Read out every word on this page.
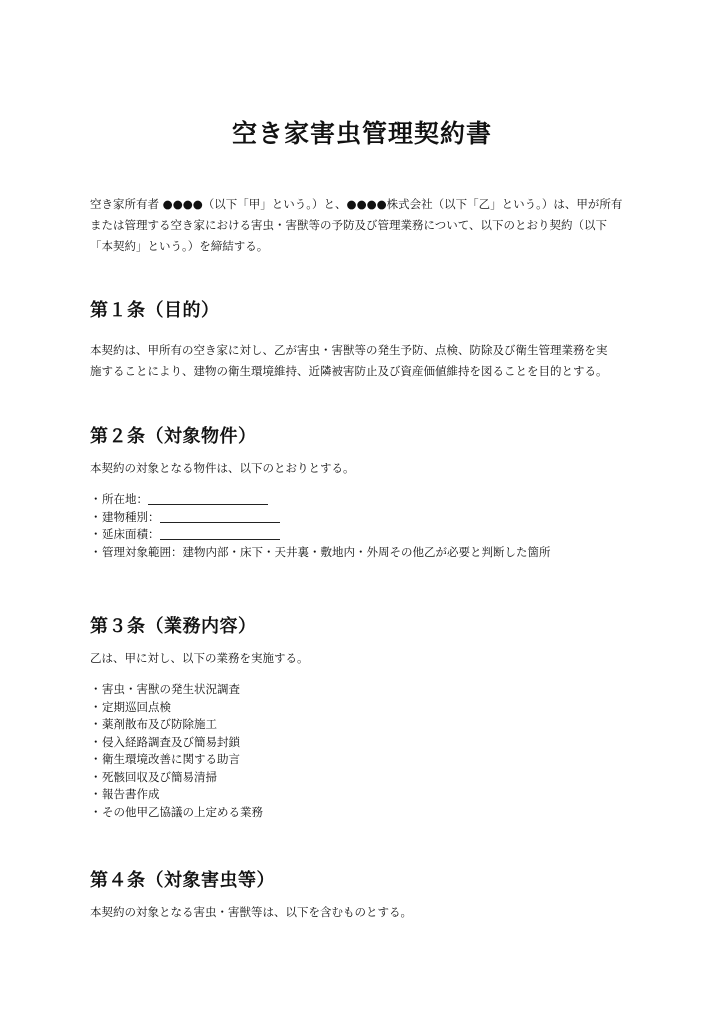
空き家害虫管理契約書

空き家所有者 ●●●●（以下「甲」という。）と、●●●●株式会社（以下「乙」という。）は、甲が所有
または管理する空き家における害虫・害獣等の予防及び管理業務について、以下のとおり契約（以下
「本契約」という。）を締結する。

第１条（目的）

本契約は、甲所有の空き家に対し、乙が害虫・害獣等の発生予防、点検、防除及び衛生管理業務を実
施することにより、建物の衛生環境維持、近隣被害防止及び資産価値維持を図ることを目的とする。

第２条（対象物件）

本契約の対象となる物件は、以下のとおりとする。

・所在地：
・建物種別：
・延床面積：
・管理対象範囲：建物内部・床下・天井裏・敷地内・外周その他乙が必要と判断した箇所
第３条（業務内容）

乙は、甲に対し、以下の業務を実施する。

・害虫・害獣の発生状況調査
・定期巡回点検
・薬剤散布及び防除施工
・侵入経路調査及び簡易封鎖
・衛生環境改善に関する助言
・死骸回収及び簡易清掃
・報告書作成
・その他甲乙協議の上定める業務
第４条（対象害虫等）

本契約の対象となる害虫・害獣等は、以下を含むものとする。
